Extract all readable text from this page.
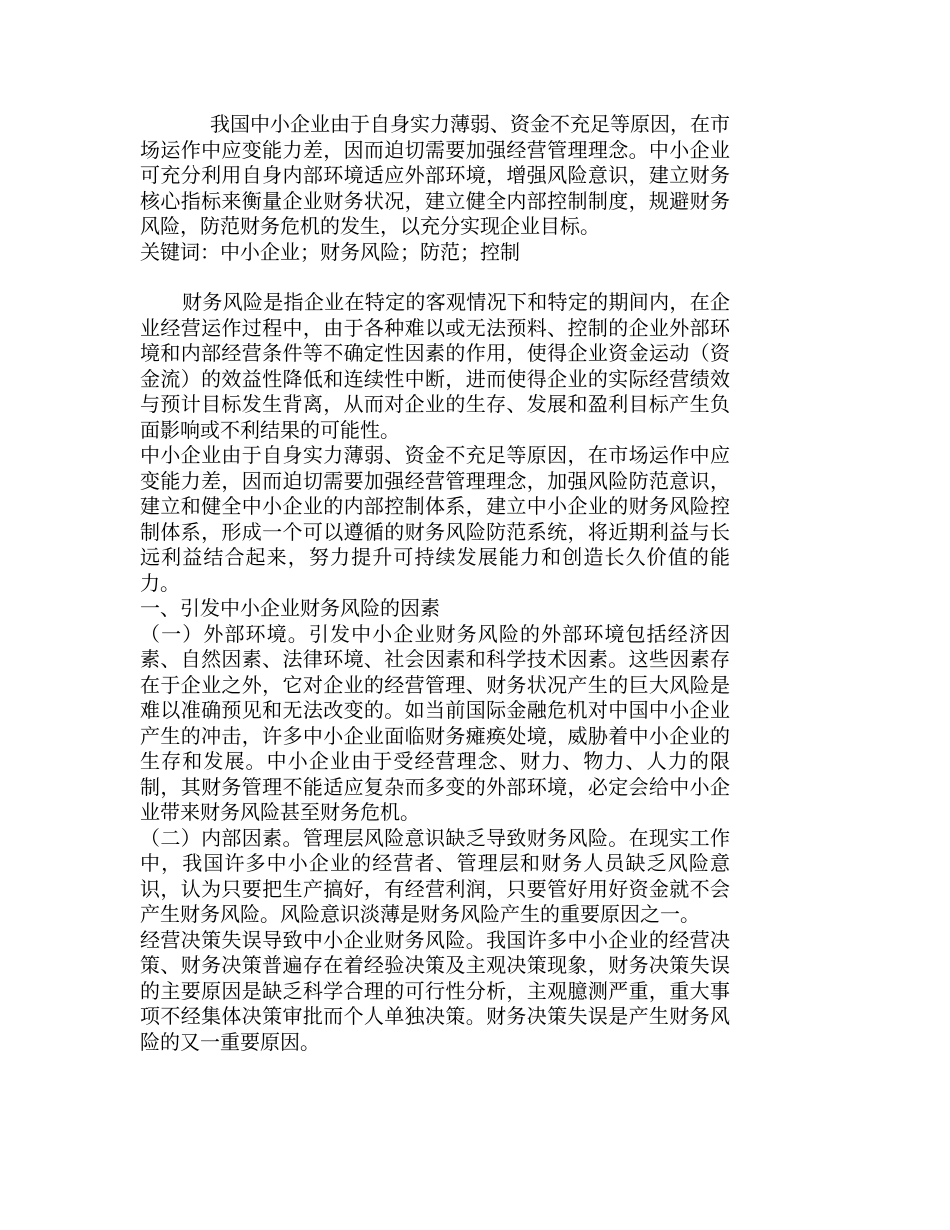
我国中小企业由于自身实力薄弱、资金不充足等原因，在市场运作中应变能力差，因而迫切需要加强经营管理理念。中小企业可充分利用自身内部环境适应外部环境，增强风险意识，建立财务核心指标来衡量企业财务状况，建立健全内部控制制度，规避财务风险，防范财务危机的发生，以充分实现企业目标。

关键词：中小企业；财务风险；防范；控制

财务风险是指企业在特定的客观情况下和特定的期间内，在企业经营运作过程中，由于各种难以或无法预料、控制的企业外部环境和内部经营条件等不确定性因素的作用，使得企业资金运动（资金流）的效益性降低和连续性中断，进而使得企业的实际经营绩效与预计目标发生背离，从而对企业的生存、发展和盈利目标产生负面影响或不利结果的可能性。

中小企业由于自身实力薄弱、资金不充足等原因，在市场运作中应变能力差，因而迫切需要加强经营管理理念，加强风险防范意识，建立和健全中小企业的内部控制体系，建立中小企业的财务风险控制体系，形成一个可以遵循的财务风险防范系统，将近期利益与长远利益结合起来，努力提升可持续发展能力和创造长久价值的能力。

一、引发中小企业财务风险的因素

（一）外部环境。引发中小企业财务风险的外部环境包括经济因素、自然因素、法律环境、社会因素和科学技术因素。这些因素存在于企业之外，它对企业的经营管理、财务状况产生的巨大风险是难以准确预见和无法改变的。如当前国际金融危机对中国中小企业产生的冲击，许多中小企业面临财务瘫痪处境，威胁着中小企业的生存和发展。中小企业由于受经营理念、财力、物力、人力的限制，其财务管理不能适应复杂而多变的外部环境，必定会给中小企业带来财务风险甚至财务危机。

（二）内部因素。管理层风险意识缺乏导致财务风险。在现实工作中，我国许多中小企业的经营者、管理层和财务人员缺乏风险意识，认为只要把生产搞好，有经营利润，只要管好用好资金就不会产生财务风险。风险意识淡薄是财务风险产生的重要原因之一。

经营决策失误导致中小企业财务风险。我国许多中小企业的经营决策、财务决策普遍存在着经验决策及主观决策现象，财务决策失误的主要原因是缺乏科学合理的可行性分析，主观臆测严重，重大事项不经集体决策审批而个人单独决策。财务决策失误是产生财务风险的又一重要原因。
